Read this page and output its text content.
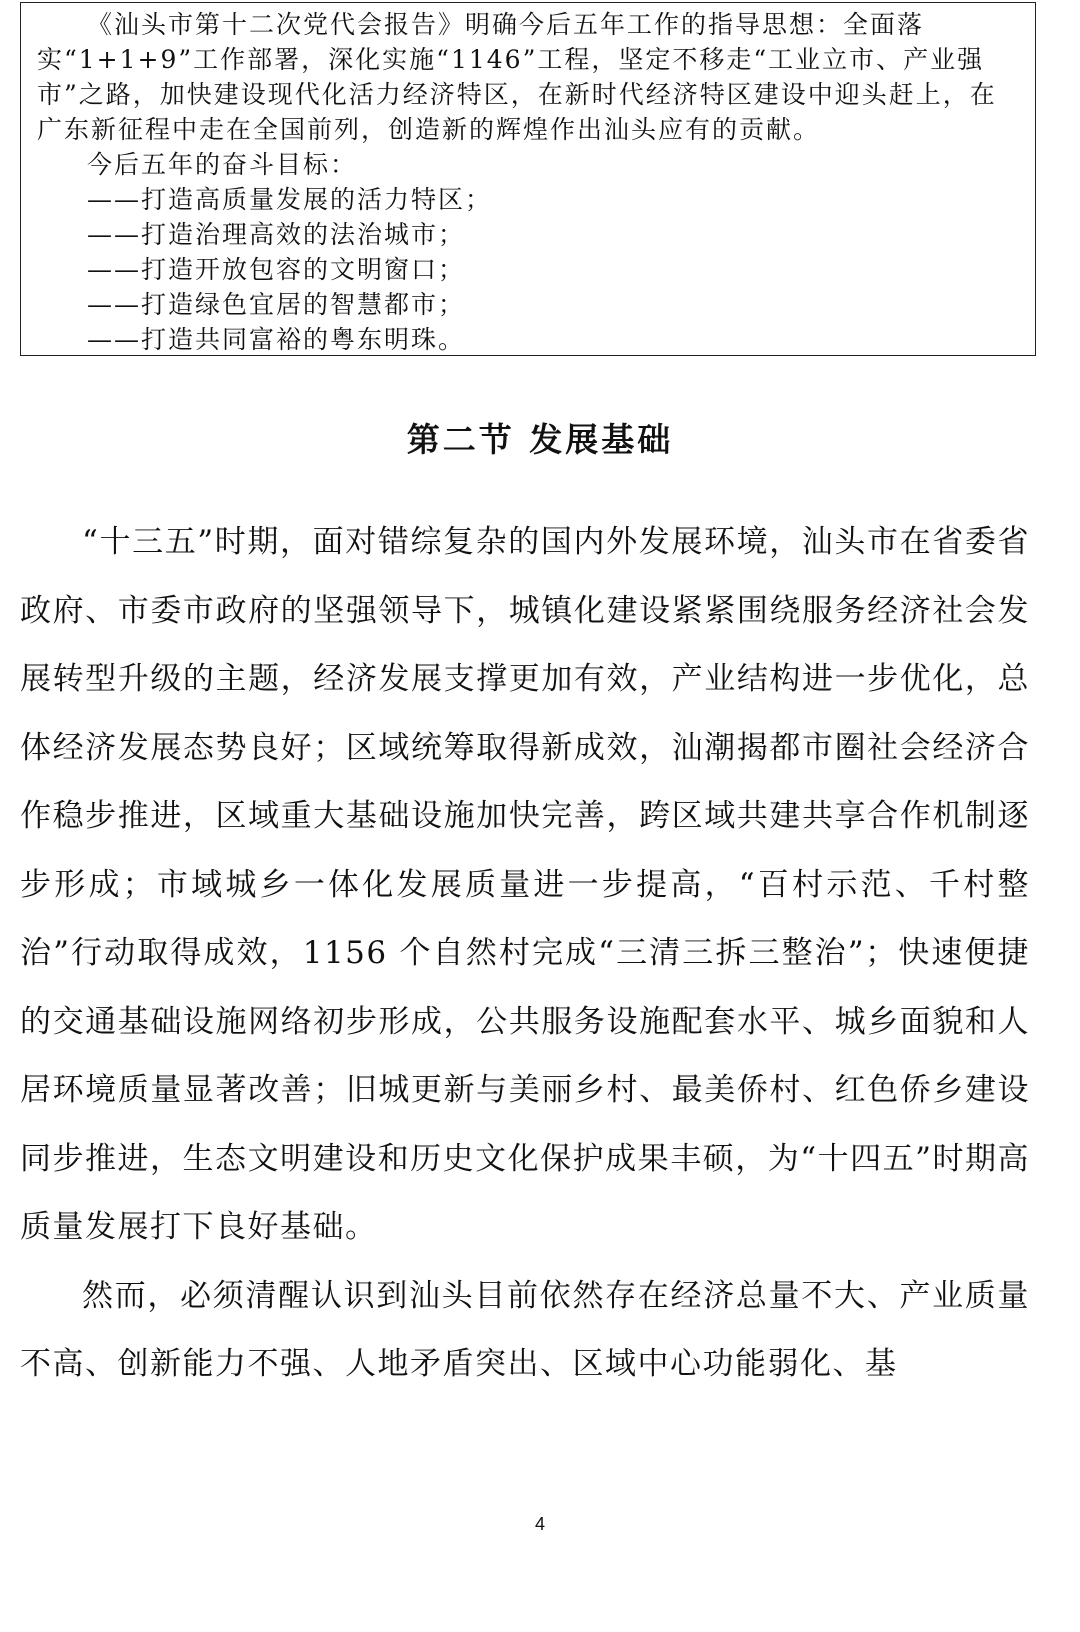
《汕头市第十二次党代会报告》明确今后五年工作的指导思想：全面落实“1+1+9”工作部署，深化实施“1146”工程，坚定不移走“工业立市、产业强市”之路，加快建设现代化活力经济特区，在新时代经济特区建设中迎头赶上，在广东新征程中走在全国前列，创造新的辉煌作出汕头应有的贡献。

今后五年的奋斗目标：

——打造高质量发展的活力特区；

——打造治理高效的法治城市；

——打造开放包容的文明窗口；

——打造绿色宜居的智慧都市；

——打造共同富裕的粤东明珠。

第二节 发展基础

“十三五”时期，面对错综复杂的国内外发展环境，汕头市在省委省政府、市委市政府的坚强领导下，城镇化建设紧紧围绕服务经济社会发展转型升级的主题，经济发展支撑更加有效，产业结构进一步优化，总体经济发展态势良好；区域统筹取得新成效，汕潮揭都市圈社会经济合作稳步推进，区域重大基础设施加快完善，跨区域共建共享合作机制逐步形成；市域城乡一体化发展质量进一步提高，“百村示范、千村整治”行动取得成效，1156 个自然村完成“三清三拆三整治”；快速便捷的交通基础设施网络初步形成，公共服务设施配套水平、城乡面貌和人居环境质量显著改善；旧城更新与美丽乡村、最美侨村、红色侨乡建设同步推进，生态文明建设和历史文化保护成果丰硕，为“十四五”时期高质量发展打下良好基础。

然而，必须清醒认识到汕头目前依然存在经济总量不大、产业质量不高、创新能力不强、人地矛盾突出、区域中心功能弱化、基

4
